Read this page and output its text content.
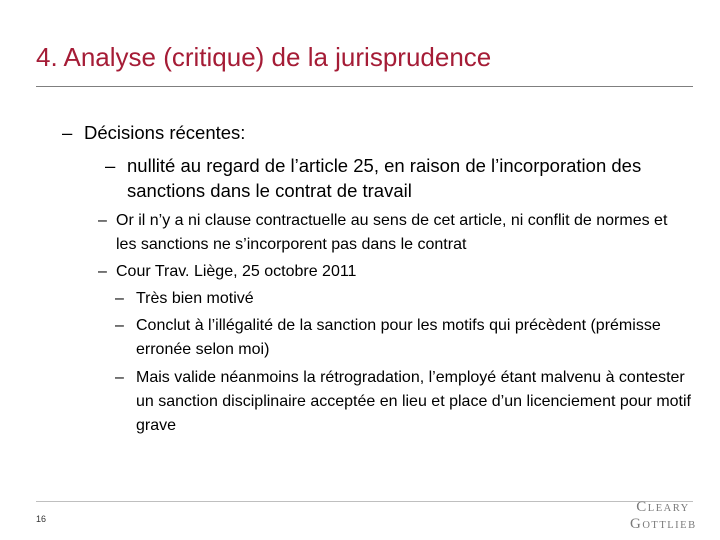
4. Analyse (critique) de la jurisprudence
– Décisions récentes:
– nullité au regard de l’article 25, en raison de l’incorporation des sanctions dans le contrat de travail
– Or il n’y a ni clause contractuelle au sens de cet article, ni conflit de normes et les sanctions ne s’incorporent pas dans le contrat
– Cour Trav. Liège, 25 octobre 2011
– Très bien motivé
– Conclut à l’illégalité de la sanction pour les motifs qui précèdent (prémisse erronée selon moi)
– Mais valide néanmoins la rétrogradation, l’employé étant malvenu à contester un sanction disciplinaire acceptée en lieu et place d’un licenciement pour motif grave
16
CLEARY
GOTTLIEB
